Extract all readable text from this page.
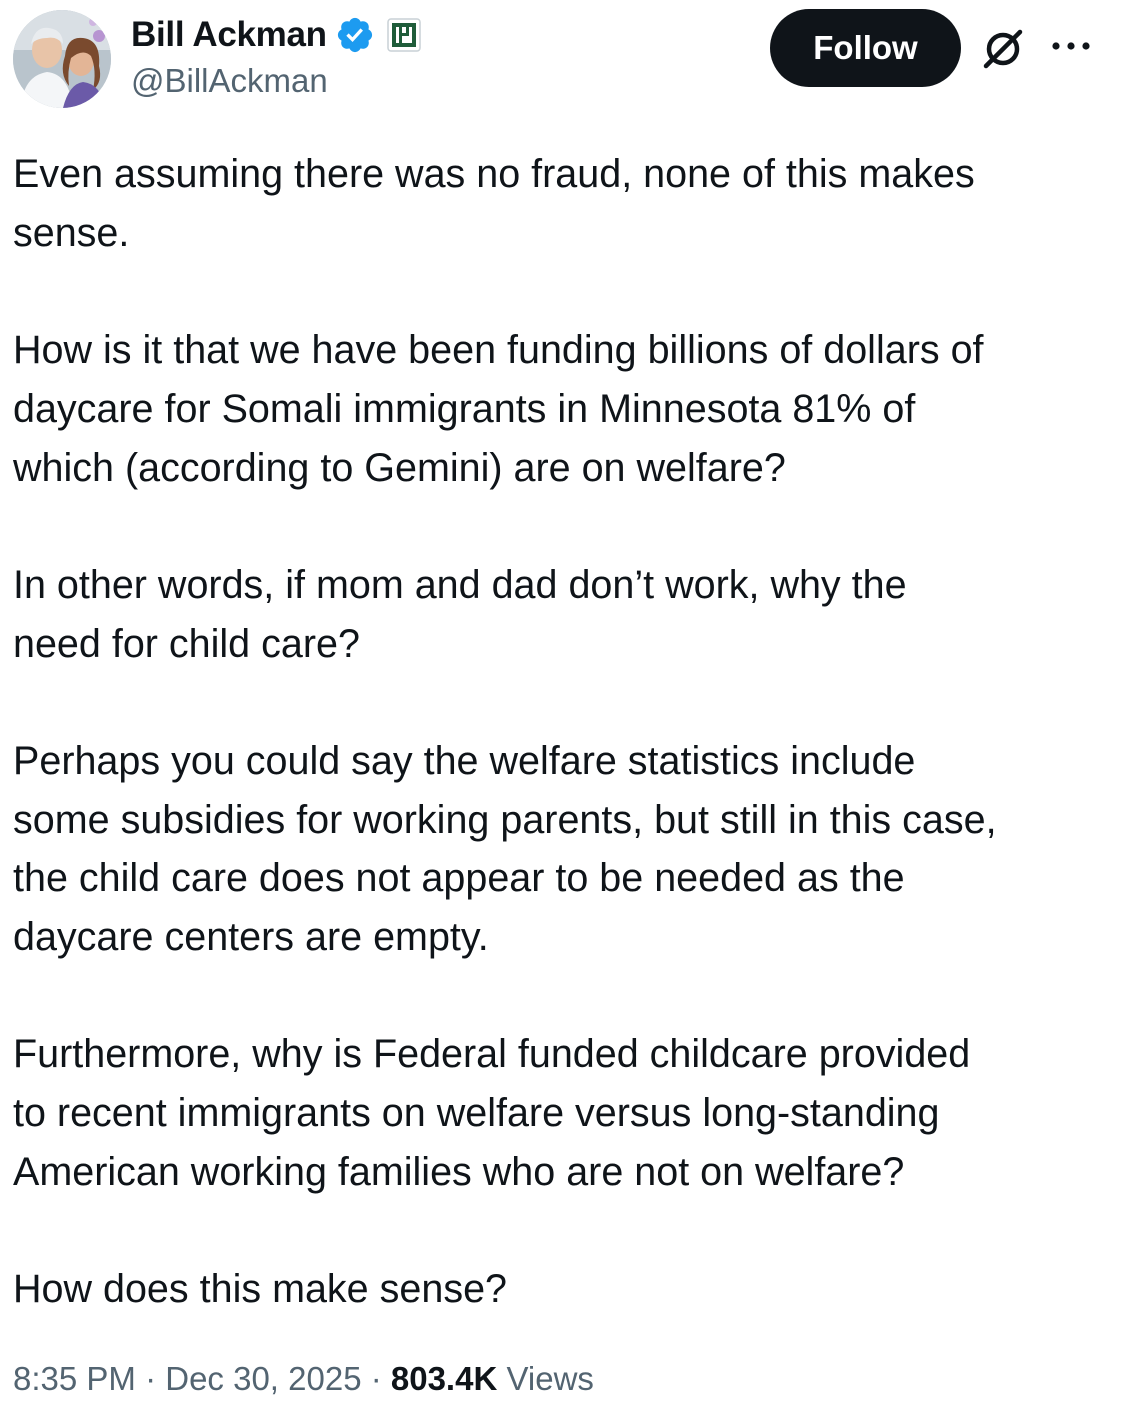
Bill Ackman
@BillAckman
Follow

Even assuming there was no fraud, none of this makes
sense.

How is it that we have been funding billions of dollars of
daycare for Somali immigrants in Minnesota 81% of
which (according to Gemini) are on welfare?

In other words, if mom and dad don’t work, why the
need for child care?

Perhaps you could say the welfare statistics include
some subsidies for working parents, but still in this case,
the child care does not appear to be needed as the
daycare centers are empty.

Furthermore, why is Federal funded childcare provided
to recent immigrants on welfare versus long-standing
American working families who are not on welfare?

How does this make sense?

8:35 PM · Dec 30, 2025 · 803.4K Views
